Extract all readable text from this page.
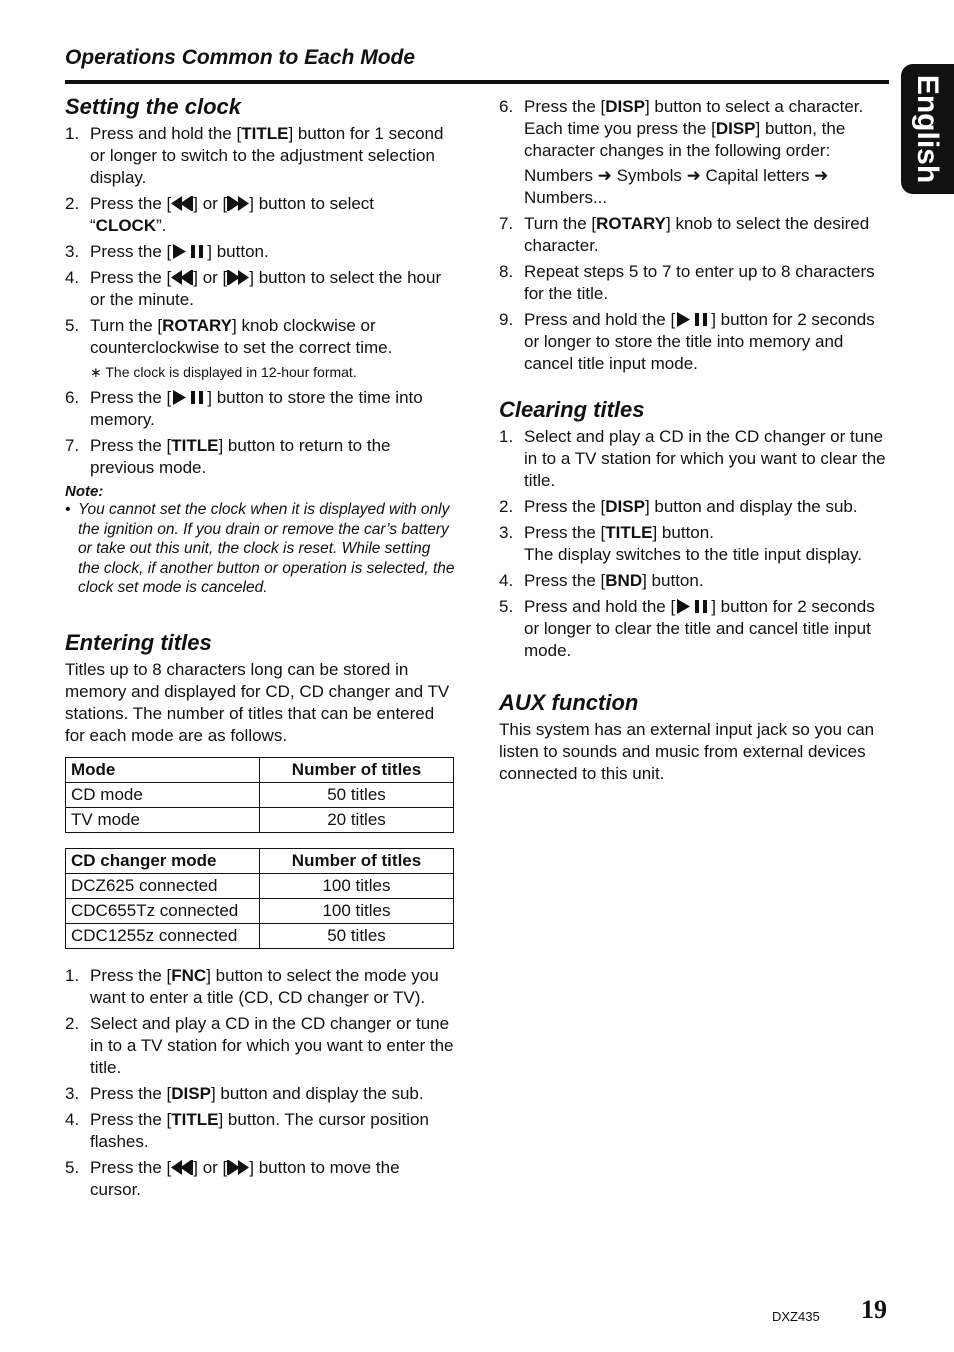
Operations Common to Each Mode
English
Setting the clock
1. Press and hold the [TITLE] button for 1 second or longer to switch to the adjustment selection display.
2. Press the [ ] or [ ] button to select “CLOCK”.
3. Press the [ ] button.
4. Press the [ ] or [ ] button to select the hour or the minute.
5. Turn the [ROTARY] knob clockwise or counterclockwise to set the correct time.
∗ The clock is displayed in 12-hour format.
6. Press the [ ] button to store the time into memory.
7. Press the [TITLE] button to return to the previous mode.
Note:
• You cannot set the clock when it is displayed with only the ignition on. If you drain or remove the car’s battery or take out this unit, the clock is reset. While setting the clock, if another button or operation is selected, the clock set mode is canceled.
Entering titles

Titles up to 8 characters long can be stored in memory and displayed for CD, CD changer and TV stations. The number of titles that can be entered for each mode are as follows.

Mode	Number of titles
CD mode	50 titles
TV mode	20 titles
CD changer mode	Number of titles
DCZ625 connected	100 titles
CDC655Tz connected	100 titles
CDC1255z connected	50 titles
1. Press the [FNC] button to select the mode you want to enter a title (CD, CD changer or TV).
2. Select and play a CD in the CD changer or tune in to a TV station for which you want to enter the title.
3. Press the [DISP] button and display the sub.
4. Press the [TITLE] button. The cursor position flashes.
5. Press the [ ] or [ ] button to move the cursor.
6. Press the [DISP] button to select a character. Each time you press the [DISP] button, the character changes in the following order:
Numbers ➜ Symbols ➜ Capital letters ➜ Numbers...
7. Turn the [ROTARY] knob to select the desired character.
8. Repeat steps 5 to 7 to enter up to 8 characters for the title.
9. Press and hold the [ ] button for 2 seconds or longer to store the title into memory and cancel title input mode.
Clearing titles
1. Select and play a CD in the CD changer or tune in to a TV station for which you want to clear the title.
2. Press the [DISP] button and display the sub.
3. Press the [TITLE] button.
The display switches to the title input display.
4. Press the [BND] button.
5. Press and hold the [ ] button for 2 seconds or longer to clear the title and cancel title input mode.
AUX function

This system has an external input jack so you can listen to sounds and music from external devices connected to this unit.

DXZ435 19
